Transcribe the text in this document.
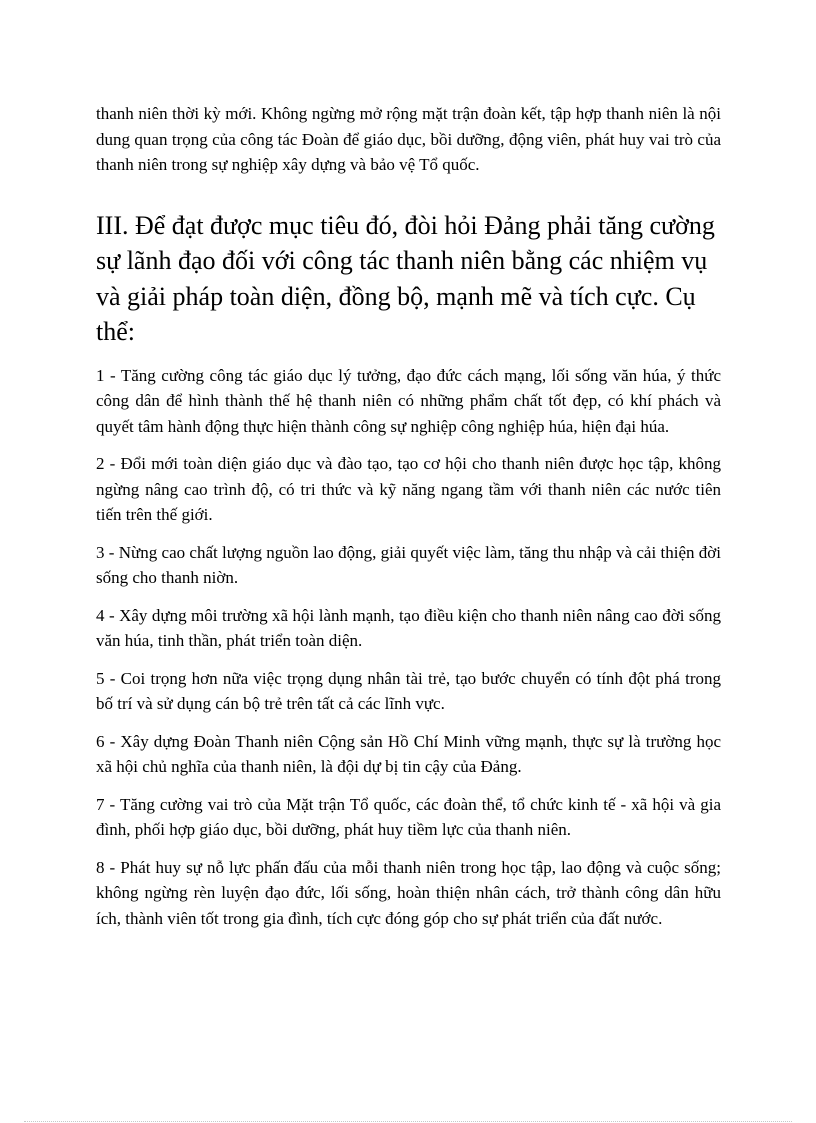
thanh niên thời kỳ mới. Không ngừng mở rộng mặt trận đoàn kết, tập hợp thanh niên là nội dung quan trọng của công tác Đoàn để giáo dục, bồi dưỡng, động viên, phát huy vai trò của thanh niên trong sự nghiệp xây dựng và bảo vệ Tổ quốc.

III. Để đạt được mục tiêu đó, đòi hỏi Đảng phải tăng cường sự lãnh đạo đối với công tác thanh niên bằng các nhiệm vụ và giải pháp toàn diện, đồng bộ, mạnh mẽ và tích cực. Cụ thể:

1 - Tăng cường công tác giáo dục lý tưởng, đạo đức cách mạng, lối sống văn húa, ý thức công dân để hình thành thế hệ thanh niên có những phẩm chất tốt đẹp, có khí phách và quyết tâm hành động thực hiện thành công sự nghiệp công nghiệp húa, hiện đại húa.

2 - Đổi mới toàn diện giáo dục và đào tạo, tạo cơ hội cho thanh niên được học tập, không ngừng nâng cao trình độ, có tri thức và kỹ năng ngang tầm với thanh niên các nước tiên tiến trên thế giới.

3 - Nừng cao chất lượng nguồn lao động, giải quyết việc làm, tăng thu nhập và cải thiện đời sống cho thanh niờn.

4 - Xây dựng môi trường xã hội lành mạnh, tạo điều kiện cho thanh niên nâng cao đời sống văn húa, tinh thần, phát triển toàn diện.

5 - Coi trọng hơn nữa việc trọng dụng nhân tài trẻ, tạo bước chuyển có tính đột phá trong bố trí và sử dụng cán bộ trẻ trên tất cả các lĩnh vực.

6 - Xây dựng Đoàn Thanh niên Cộng sản Hồ Chí Minh vững mạnh, thực sự là trường học xã hội chủ nghĩa của thanh niên, là đội dự bị tin cậy của Đảng.

7 - Tăng cường vai trò của Mặt trận Tổ quốc, các đoàn thể, tổ chức kinh tế - xã hội và gia đình, phối hợp giáo dục, bồi dưỡng, phát huy tiềm lực của thanh niên.

8 - Phát huy sự nỗ lực phấn đấu của mỗi thanh niên trong học tập, lao động và cuộc sống; không ngừng rèn luyện đạo đức, lối sống, hoàn thiện nhân cách, trở thành công dân hữu ích, thành viên tốt trong gia đình, tích cực đóng góp cho sự phát triển của đất nước.
